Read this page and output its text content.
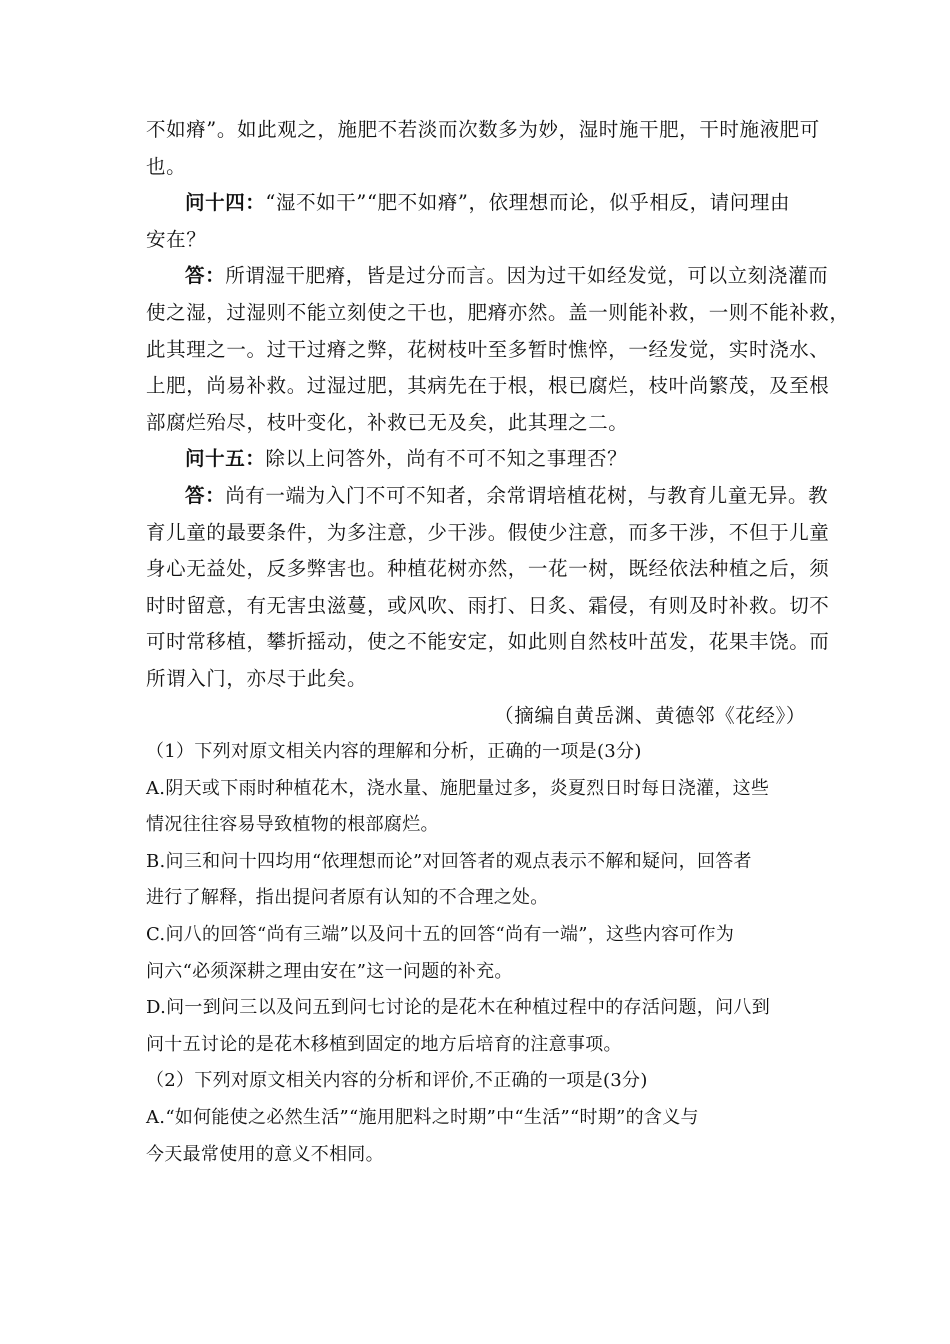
不如瘠”。如此观之，施肥不若淡而次数多为妙，湿时施干肥，干时施液肥可
也。
问十四：“湿不如干”“肥不如瘠”，依理想而论，似乎相反，请问理由
安在？
答：所谓湿干肥瘠，皆是过分而言。因为过干如经发觉，可以立刻浇灌而
使之湿，过湿则不能立刻使之干也，肥瘠亦然。盖一则能补救，一则不能补救，
此其理之一。过干过瘠之弊，花树枝叶至多暂时憔悴，一经发觉，实时浇水、
上肥，尚易补救。过湿过肥，其病先在于根，根已腐烂，枝叶尚繁茂，及至根
部腐烂殆尽，枝叶变化，补救已无及矣，此其理之二。
问十五：除以上问答外，尚有不可不知之事理否？
答：尚有一端为入门不可不知者，余常谓培植花树，与教育儿童无异。教
育儿童的最要条件，为多注意，少干涉。假使少注意，而多干涉，不但于儿童
身心无益处，反多弊害也。种植花树亦然，一花一树，既经依法种植之后，须
时时留意，有无害虫滋蔓，或风吹、雨打、日炙、霜侵，有则及时补救。切不
可时常移植，攀折摇动，使之不能安定，如此则自然枝叶茁发，花果丰饶。而
所谓入门，亦尽于此矣。
（摘编自黄岳渊、黄德邻《花经》）
（1）下列对原文相关内容的理解和分析，正确的一项是(3分)
A.阴天或下雨时种植花木，浇水量、施肥量过多，炎夏烈日时每日浇灌，这些
情况往往容易导致植物的根部腐烂。
B.问三和问十四均用“依理想而论”对回答者的观点表示不解和疑问，回答者
进行了解释，指出提问者原有认知的不合理之处。
C.问八的回答“尚有三端”以及问十五的回答“尚有一端”，这些内容可作为
问六“必须深耕之理由安在”这一问题的补充。
D.问一到问三以及问五到问七讨论的是花木在种植过程中的存活问题，问八到
问十五讨论的是花木移植到固定的地方后培育的注意事项。
（2）下列对原文相关内容的分析和评价,不正确的一项是(3分)
A.“如何能使之必然生活”“施用肥料之时期”中“生活”“时期”的含义与
今天最常使用的意义不相同。
